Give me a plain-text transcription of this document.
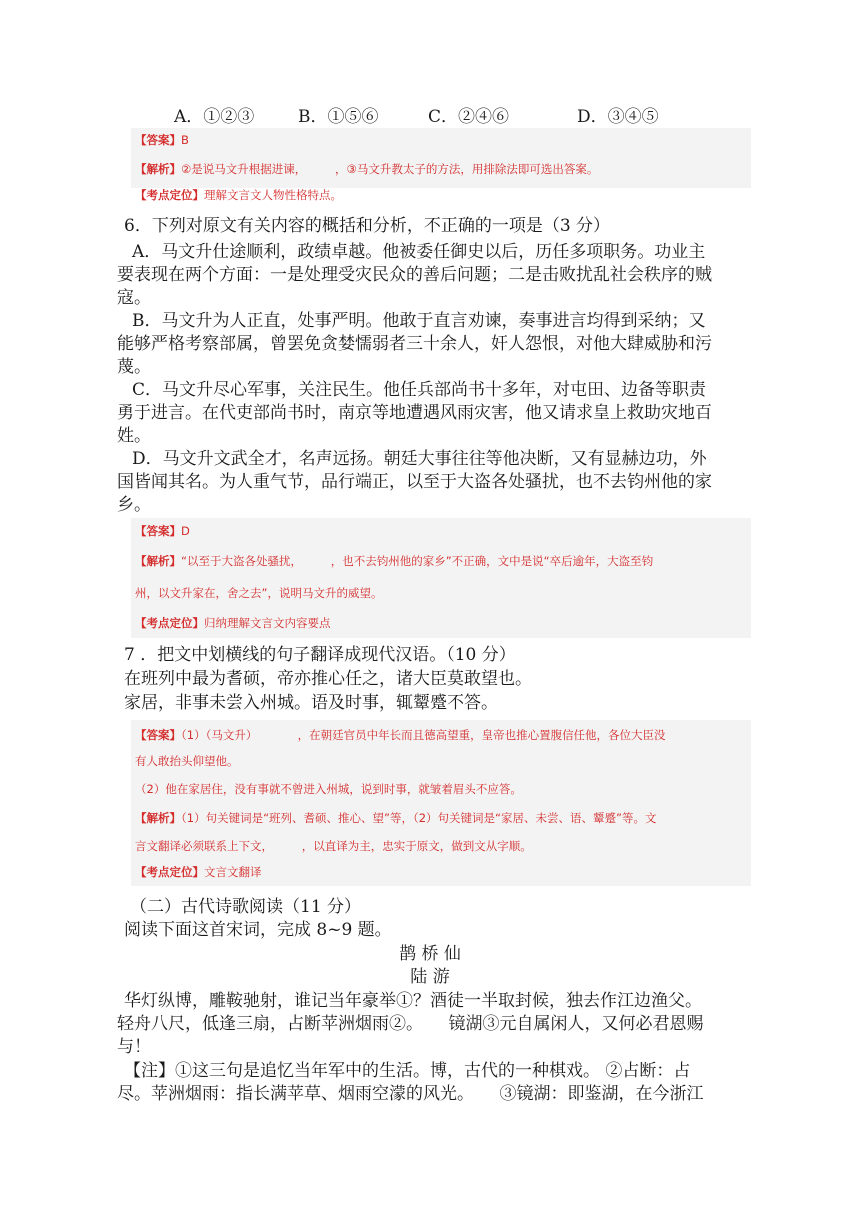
A．①②③	B．①⑤⑥	C．②④⑥	D．③④⑤
【答案】B
【解析】②是说马文升根据进谏，　　　，③马文升教太子的方法，用排除法即可选出答案。
【考点定位】理解文言文人物性格特点。
6．下列对原文有关内容的概括和分析，不正确的一项是（3 分）
A．马文升仕途顺利，政绩卓越。他被委任御史以后，历任多项职务。功业主
要表现在两个方面：一是处理受灾民众的善后问题；二是击败扰乱社会秩序的贼
寇。
B．马文升为人正直，处事严明。他敢于直言劝谏，奏事进言均得到采纳；又
能够严格考察部属，曾罢免贪婪懦弱者三十余人，奸人怨恨，对他大肆威胁和污
蔑。
C．马文升尽心军事，关注民生。他任兵部尚书十多年，对屯田、边备等职责
勇于进言。在代吏部尚书时，南京等地遭遇风雨灾害，他又请求皇上救助灾地百
姓。
D．马文升文武全才，名声远扬。朝廷大事往往等他决断，又有显赫边功，外
国皆闻其名。为人重气节，品行端正，以至于大盗各处骚扰，也不去钧州他的家
乡。
【答案】D
【解析】“以至于大盗各处骚扰，　　　，也不去钧州他的家乡”不正确，文中是说“卒后逾年，大盗至钧
州，以文升家在，舍之去”，说明马文升的威望。
【考点定位】归纳理解文言文内容要点
7 ．把文中划横线的句子翻译成现代汉语。（10 分）
在班列中最为耆硕，帝亦推心任之，诸大臣莫敢望也。
家居，非事未尝入州城。语及时事，辄颦蹙不答。
【答案】（1）（马文升）　　　　，在朝廷官员中年长而且德高望重，皇帝也推心置腹信任他，各位大臣没
有人敢抬头仰望他。
（2）他在家居住，没有事就不曾进入州城，说到时事，就皱着眉头不应答。
【解析】（1）句关键词是“班列、耆硕、推心、望”等，（2）句关键词是“家居、未尝、语、颦蹙”等。文
言文翻译必须联系上下文，　　　，以直译为主，忠实于原文，做到文从字顺。
【考点定位】文言文翻译
（二）古代诗歌阅读（11 分）
阅读下面这首宋词，完成 8~9 题。
鹊 桥 仙
陆 游
华灯纵博，雕鞍驰射，谁记当年豪举①？酒徒一半取封候，独去作江边渔父。
轻舟八尺，低逢三扇，占断苹洲烟雨②。　　镜湖③元自属闲人，又何必君恩赐
与！
【注】①这三句是追忆当年军中的生活。博，古代的一种棋戏。 ②占断：占
尽。苹洲烟雨：指长满苹草、烟雨空濛的风光。　　③镜湖：即鉴湖，在今浙江
